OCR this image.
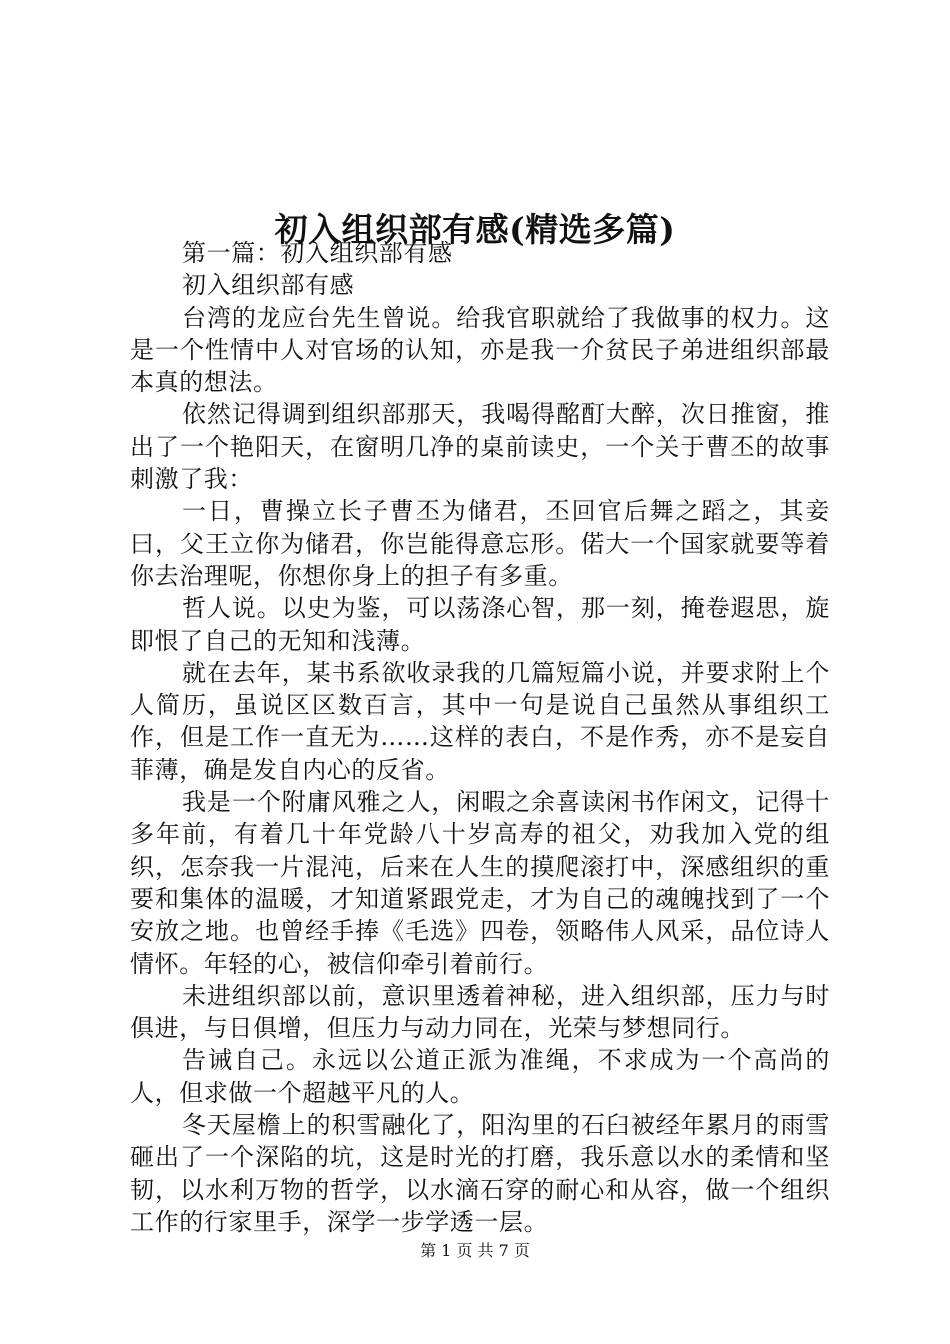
初入组织部有感(精选多篇)

第一篇：初入组织部有感

初入组织部有感

台湾的龙应台先生曾说。给我官职就给了我做事的权力。这是一个性情中人对官场的认知，亦是我一介贫民子弟进组织部最本真的想法。

依然记得调到组织部那天，我喝得酩酊大醉，次日推窗，推出了一个艳阳天，在窗明几净的桌前读史，一个关于曹丕的故事刺激了我：

一日，曹操立长子曹丕为储君，丕回官后舞之蹈之，其妾曰，父王立你为储君，你岂能得意忘形。偌大一个国家就要等着你去治理呢，你想你身上的担子有多重。

哲人说。以史为鉴，可以荡涤心智，那一刻，掩卷遐思，旋即恨了自己的无知和浅薄。

就在去年，某书系欲收录我的几篇短篇小说，并要求附上个人简历，虽说区区数百言，其中一句是说自己虽然从事组织工作，但是工作一直无为……这样的表白，不是作秀，亦不是妄自菲薄，确是发自内心的反省。

我是一个附庸风雅之人，闲暇之余喜读闲书作闲文，记得十多年前，有着几十年党龄八十岁高寿的祖父，劝我加入党的组织，怎奈我一片混沌，后来在人生的摸爬滚打中，深感组织的重要和集体的温暖，才知道紧跟党走，才为自己的魂魄找到了一个安放之地。也曾经手捧《毛选》四卷，领略伟人风采，品位诗人情怀。年轻的心，被信仰牵引着前行。

未进组织部以前，意识里透着神秘，进入组织部，压力与时俱进，与日俱增，但压力与动力同在，光荣与梦想同行。

告诫自己。永远以公道正派为准绳，不求成为一个高尚的人，但求做一个超越平凡的人。

冬天屋檐上的积雪融化了，阳沟里的石臼被经年累月的雨雪砸出了一个深陷的坑，这是时光的打磨，我乐意以水的柔情和坚韧，以水利万物的哲学，以水滴石穿的耐心和从容，做一个组织工作的行家里手，深学一步学透一层。

第 1 页 共 7 页
